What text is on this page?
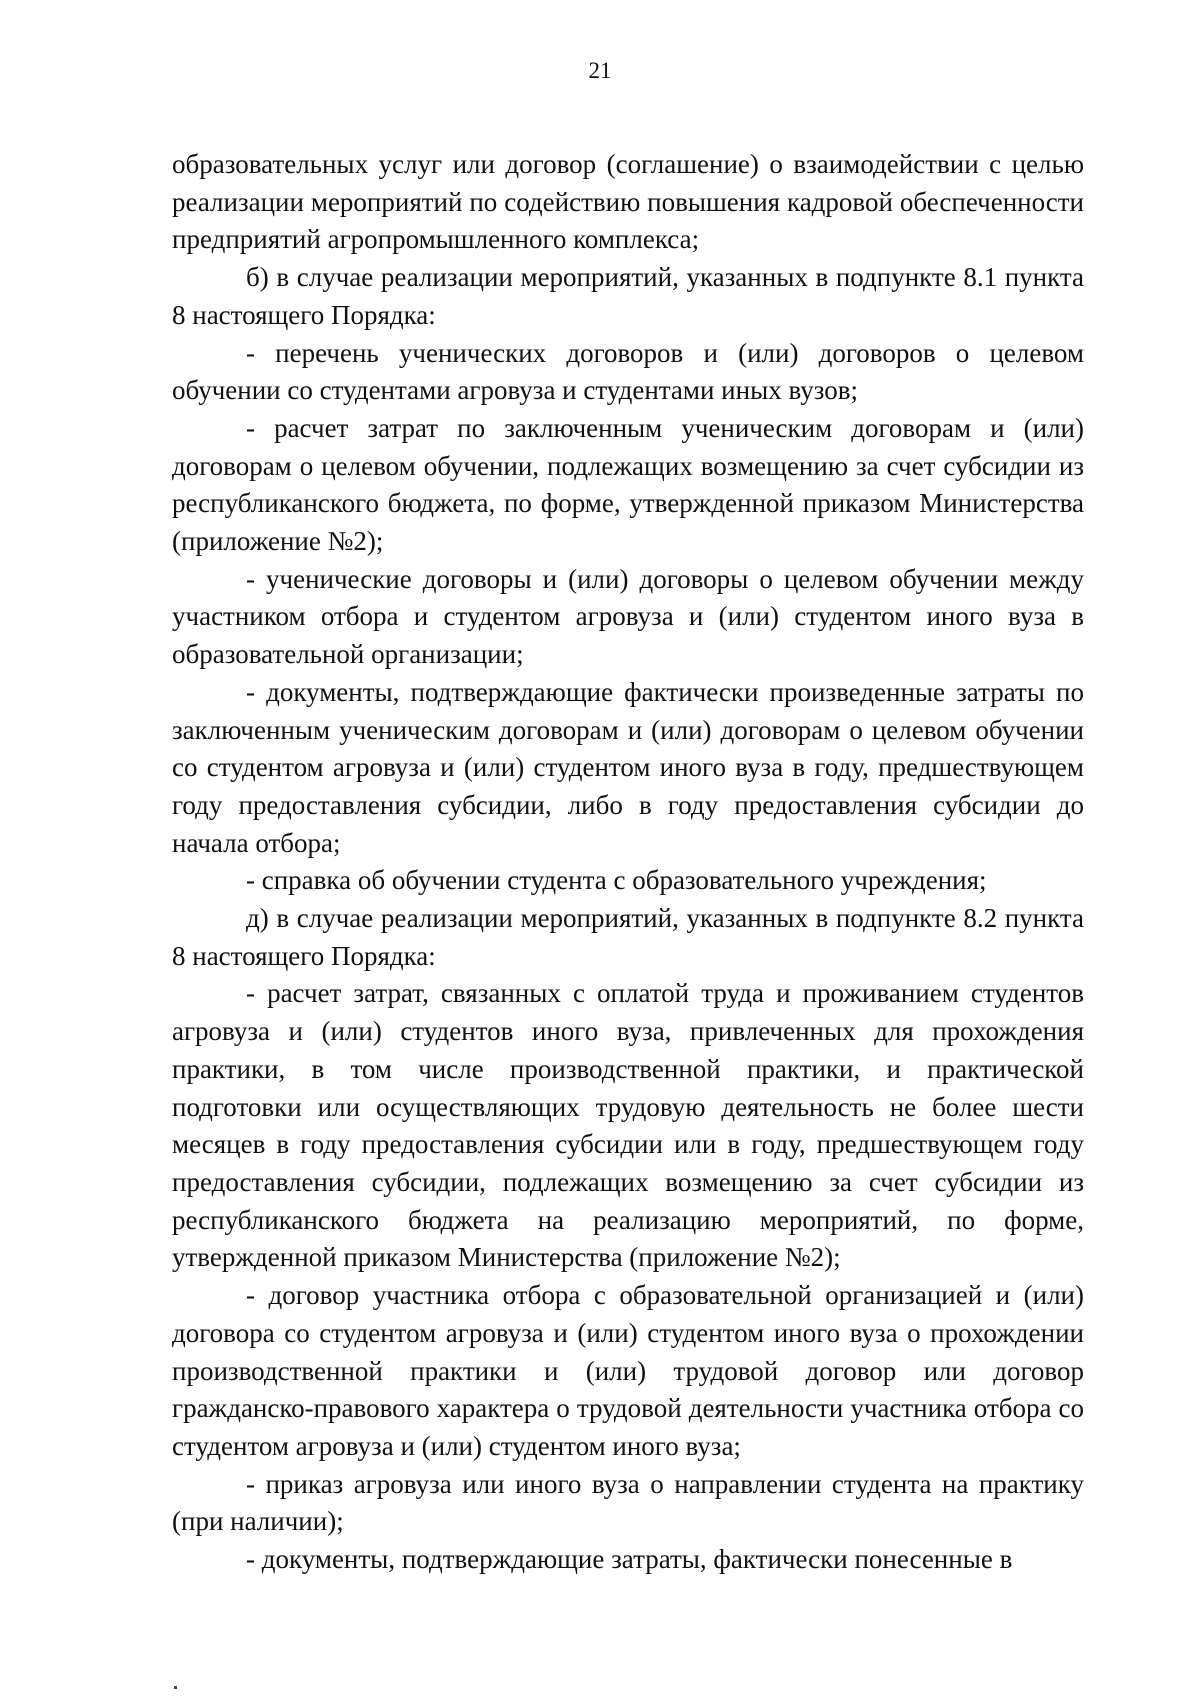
21

образовательных услуг или договор (соглашение) о взаимодействии с целью реализации мероприятий по содействию повышения кадровой обеспеченности предприятий агропромышленного комплекса;

б) в случае реализации мероприятий, указанных в подпункте 8.1 пункта 8 настоящего Порядка:

- перечень ученических договоров и (или) договоров о целевом обучении со студентами агровуза и студентами иных вузов;

- расчет затрат по заключенным ученическим договорам и (или) договорам о целевом обучении, подлежащих возмещению за счет субсидии из республиканского бюджета, по форме, утвержденной приказом Министерства (приложение №2);

- ученические договоры и (или) договоры о целевом обучении между участником отбора и студентом агровуза и (или) студентом иного вуза в образовательной организации;

- документы, подтверждающие фактически произведенные затраты по заключенным ученическим договорам и (или) договорам о целевом обучении со студентом агровуза и (или) студентом иного вуза в году, предшествующем году предоставления субсидии, либо в году предоставления субсидии до начала отбора;

- справка об обучении студента с образовательного учреждения;

д) в случае реализации мероприятий, указанных в подпункте 8.2 пункта 8 настоящего Порядка:

- расчет затрат, связанных с оплатой труда и проживанием студентов агровуза и (или) студентов иного вуза, привлеченных для прохождения практики, в том числе производственной практики, и практической подготовки или осуществляющих трудовую деятельность не более шести месяцев в году предоставления субсидии или в году, предшествующем году предоставления субсидии, подлежащих возмещению за счет субсидии из республиканского бюджета на реализацию мероприятий, по форме, утвержденной приказом Министерства (приложение №2);

- договор участника отбора с образовательной организацией и (или) договора со студентом агровуза и (или) студентом иного вуза о прохождении производственной практики и (или) трудовой договор или договор гражданско-правового характера о трудовой деятельности участника отбора со студентом агровуза и (или) студентом иного вуза;

- приказ агровуза или иного вуза о направлении студента на практику (при наличии);

- документы, подтверждающие затраты, фактически понесенные в
